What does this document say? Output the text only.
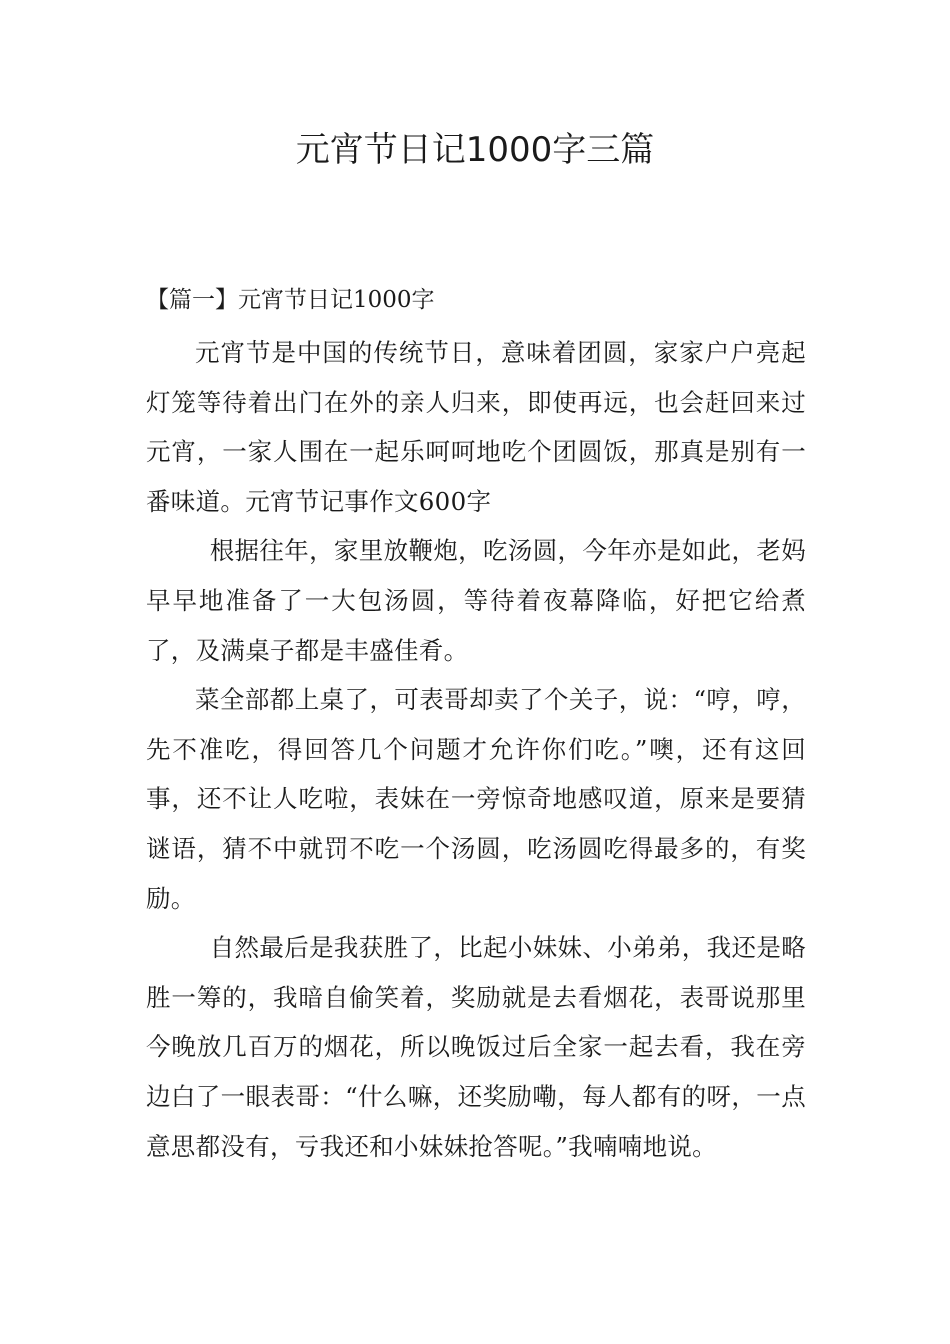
元宵节日记1000字三篇
【篇一】元宵节日记1000字

元宵节是中国的传统节日，意味着团圆，家家户户亮起灯笼等待着出门在外的亲人归来，即使再远，也会赶回来过元宵，一家人围在一起乐呵呵地吃个团圆饭，那真是别有一番味道。元宵节记事作文600字

根据往年，家里放鞭炮，吃汤圆，今年亦是如此，老妈早早地准备了一大包汤圆，等待着夜幕降临，好把它给煮了，及满桌子都是丰盛佳肴。

菜全部都上桌了，可表哥却卖了个关子，说：“哼，哼，先不准吃，得回答几个问题才允许你们吃。”噢，还有这回事，还不让人吃啦，表妹在一旁惊奇地感叹道，原来是要猜谜语，猜不中就罚不吃一个汤圆，吃汤圆吃得最多的，有奖励。

自然最后是我获胜了，比起小妹妹、小弟弟，我还是略胜一筹的，我暗自偷笑着，奖励就是去看烟花，表哥说那里今晚放几百万的烟花，所以晚饭过后全家一起去看，我在旁边白了一眼表哥：“什么嘛，还奖励嘞，每人都有的呀，一点意思都没有，亏我还和小妹妹抢答呢。”我喃喃地说。
